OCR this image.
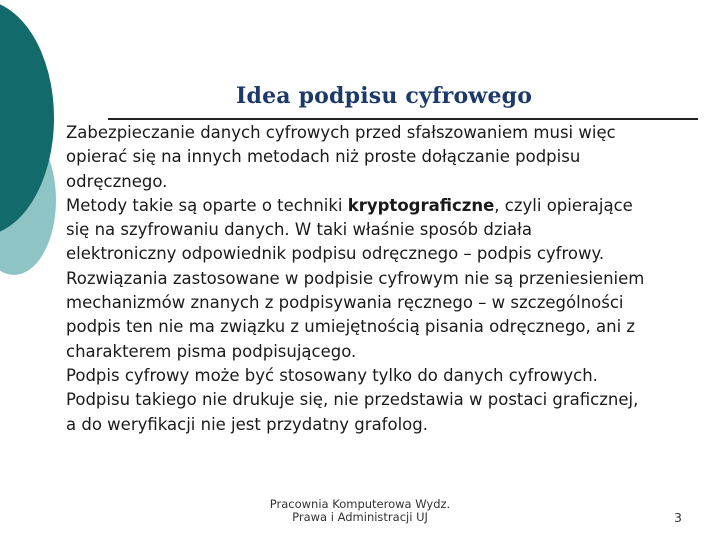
Idea podpisu cyfrowego
Zabezpieczanie danych cyfrowych przed sfałszowaniem musi więc
opierać się na innych metodach niż proste dołączanie podpisu
odręcznego.
Metody takie są oparte o techniki kryptograficzne, czyli opierające
się na szyfrowaniu danych. W taki właśnie sposób działa
elektroniczny odpowiednik podpisu odręcznego – podpis cyfrowy.
Rozwiązania zastosowane w podpisie cyfrowym nie są przeniesieniem
mechanizmów znanych z podpisywania ręcznego – w szczególności
podpis ten nie ma związku z umiejętnością pisania odręcznego, ani z
charakterem pisma podpisującego.
Podpis cyfrowy może być stosowany tylko do danych cyfrowych.
Podpisu takiego nie drukuje się, nie przedstawia w postaci graficznej,
a do weryfikacji nie jest przydatny grafolog.
Pracownia Komputerowa Wydz.
Prawa i Administracji UJ	3
